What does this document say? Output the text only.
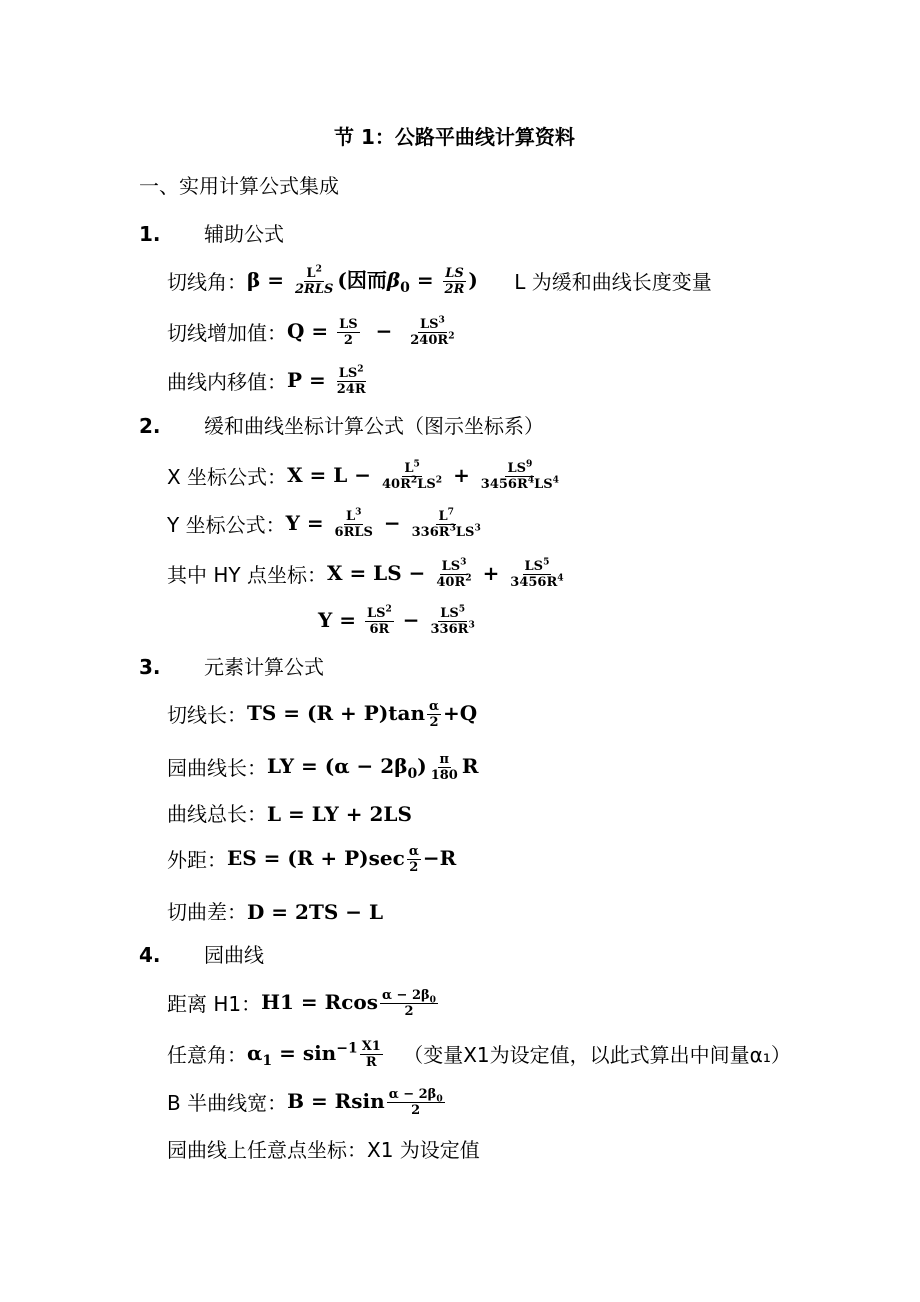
节 1：公路平曲线计算资料
一、实用计算公式集成
1. 辅助公式
切线角：$\beta = \frac{L^2}{\text{2RLS}}$ (因而$\beta_0 = \frac{LS}{2R}$ ) L 为缓和曲线长度变量
切线增加值：$Q = \frac{LS}{2} - \frac{LS^3}{240R^2}$
曲线内移值：$P = \frac{LS^2}{24R}$
2. 缓和曲线坐标计算公式（图示坐标系）
X 坐标公式：$X = L - \frac{L^5}{40R^2LS^2} + \frac{LS^9}{3456R^4LS^4}$
Y 坐标公式：$Y = \frac{L^3}{\text{6RLS}} - \frac{L^7}{336R^3LS^3}$
其中 HY 点坐标：X = LS − $\frac{LS^3}{40R^2} + \frac{LS^5}{3456R^4}$
$Y = \frac{LS^2}{6R} - \frac{LS^5}{336R^3}$
3. 元素计算公式
切线长：TS = $(R + P)\tan \frac{\alpha}{2} +Q$
园曲线长：LY = $(\alpha - 2\beta_0) \frac{\pi}{180}$ R
曲线总长：L = LY + 2LS
外距：ES = $(R + P)\sec \frac{\alpha}{2} -R$
切曲差：D = 2TS − L
4. 园曲线
距离 H1：H1 = Rcos $\frac{\alpha - 2\beta_0}{2}$
任意角：$\alpha_1 = \sin^{-1} \frac{X1}{R}$ （变量X1为设定值，以此式算出中间量α₁）
B 半曲线宽：B = Rsin $\frac{\alpha - 2\beta_0}{2}$
园曲线上任意点坐标：X1 为设定值
